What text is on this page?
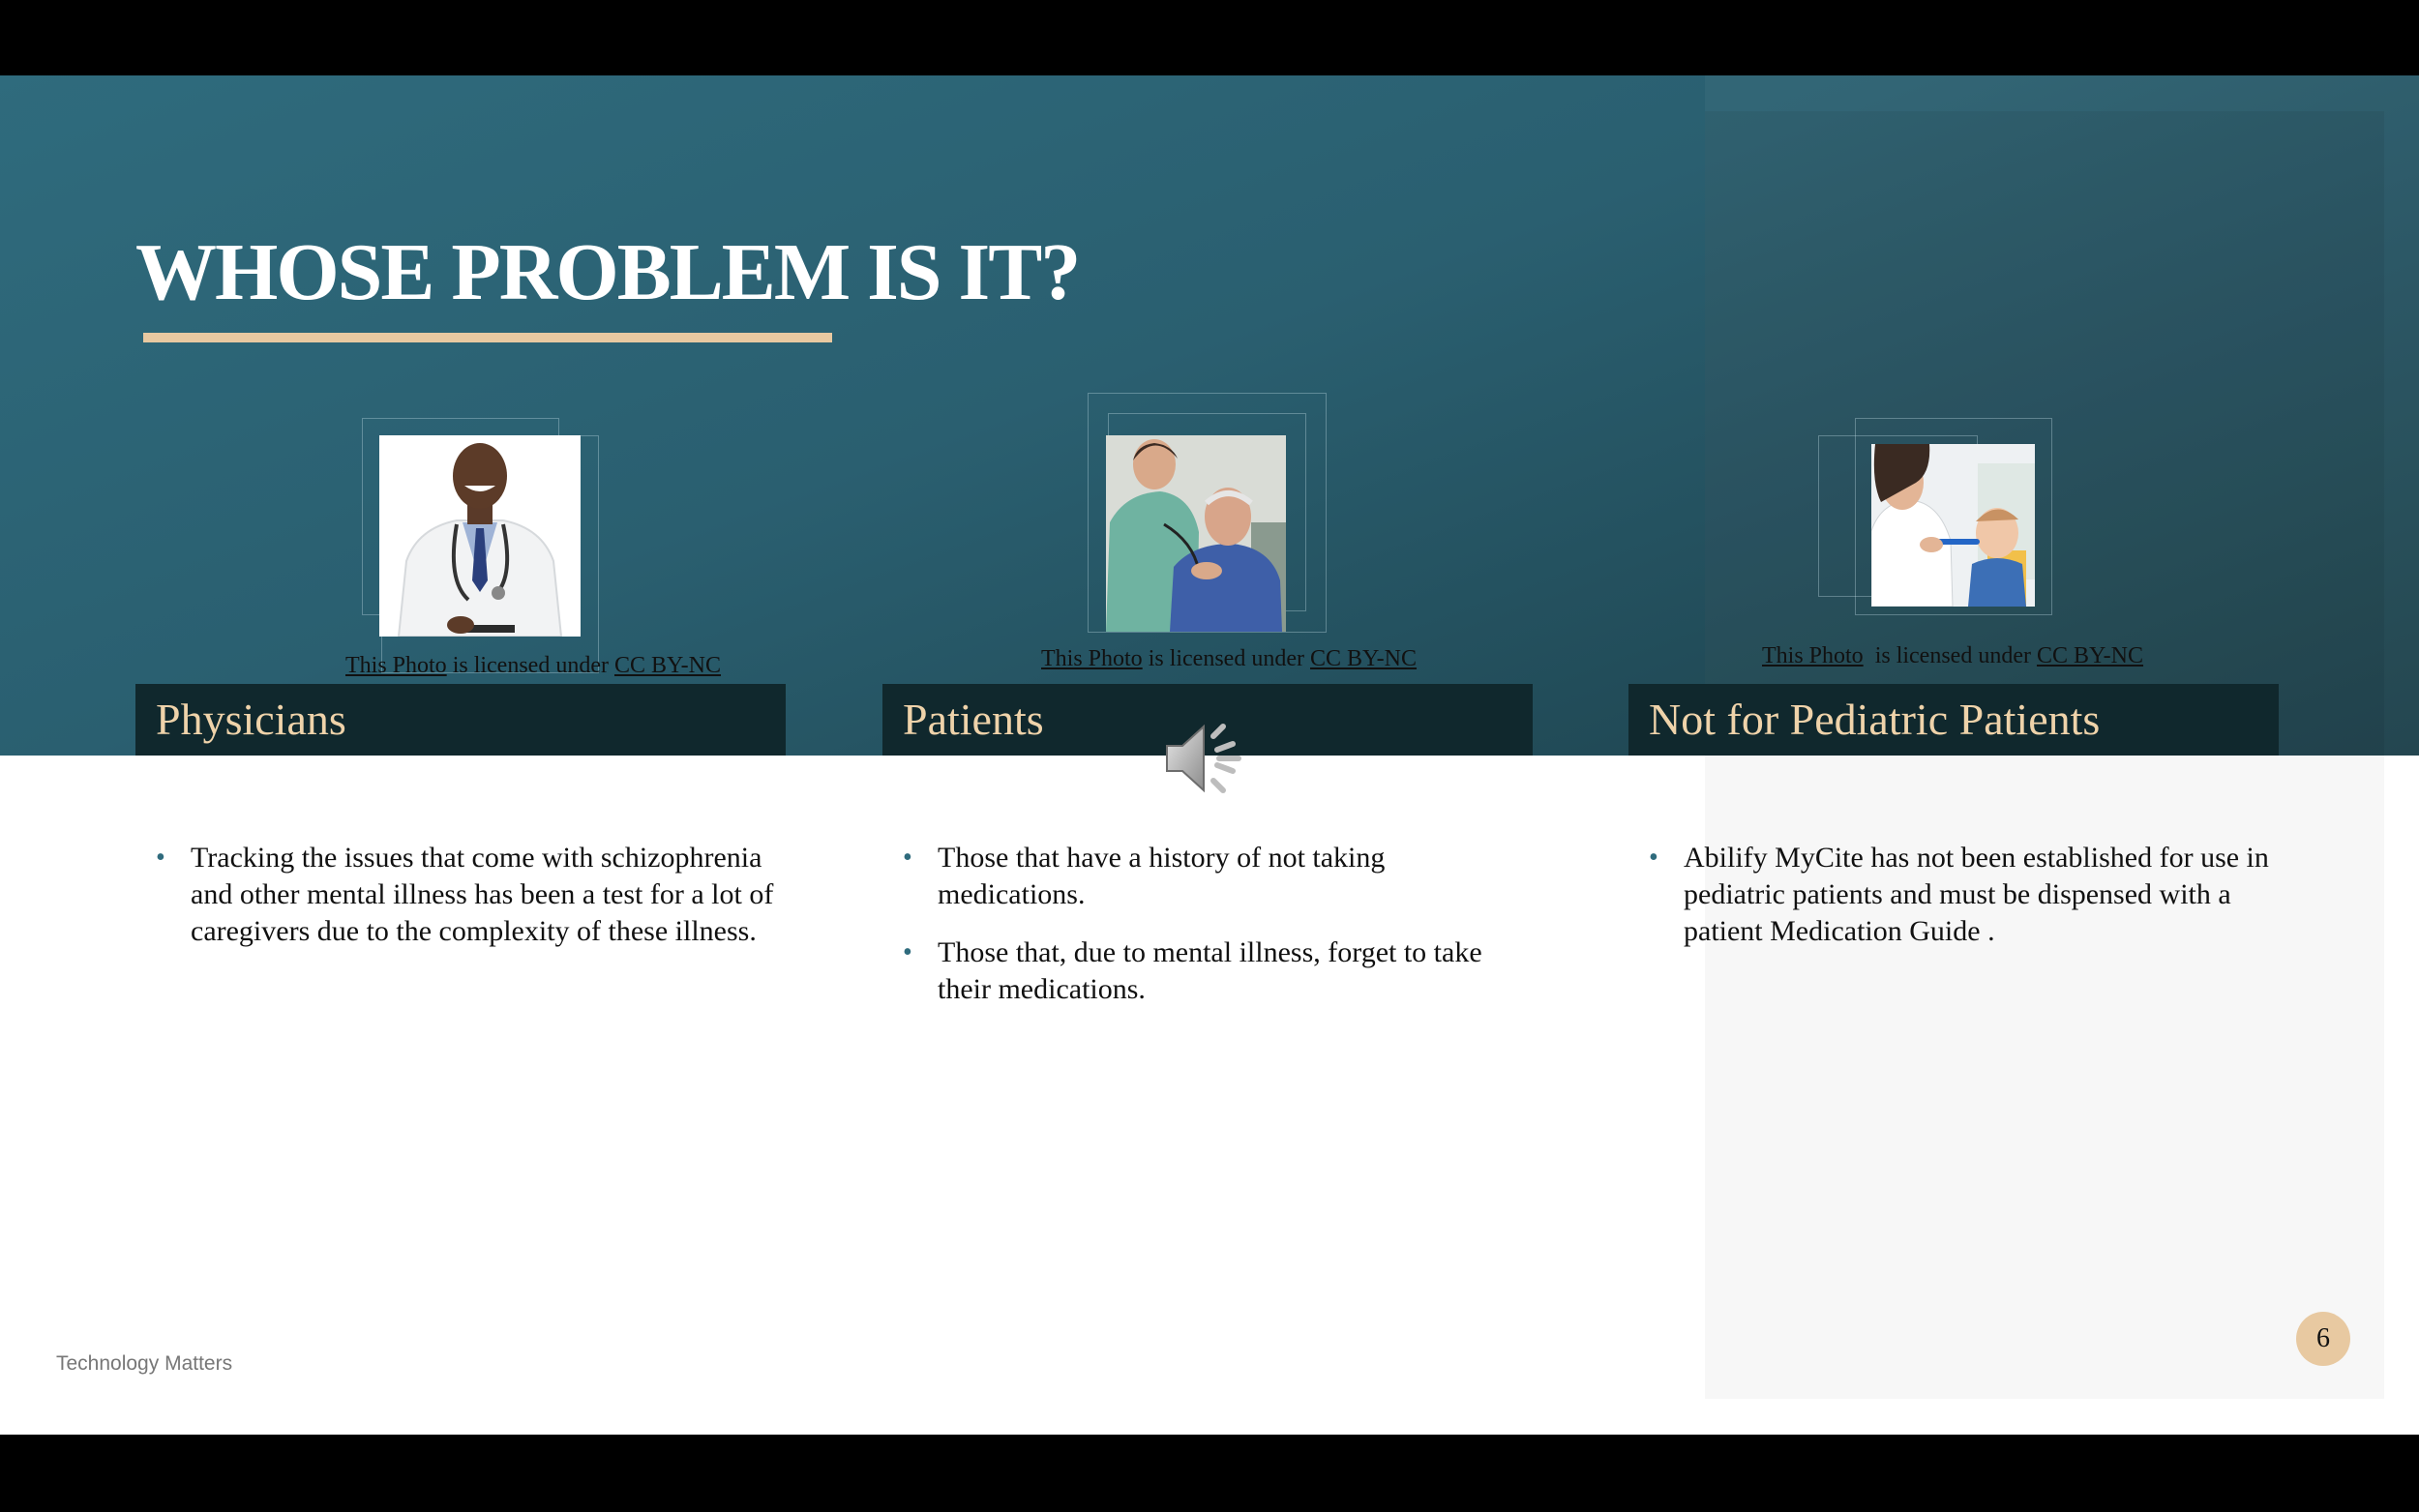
WHOSE PROBLEM IS IT?
This Photo is licensed under CC BY-NC
Physicians
• Tracking the issues that come with schizophrenia and other mental illness has been a test for a lot of caregivers due to the complexity of these illness.
This Photo is licensed under CC BY-NC
Patients
• Those that have a history of not taking medications.
• Those that, due to mental illness, forget to take their medications.
This Photo  is licensed under CC BY-NC
Not for Pediatric Patients
• Abilify MyCite has not been established for use in pediatric patients and must be dispensed with a patient Medication Guide .
Technology Matters
6
